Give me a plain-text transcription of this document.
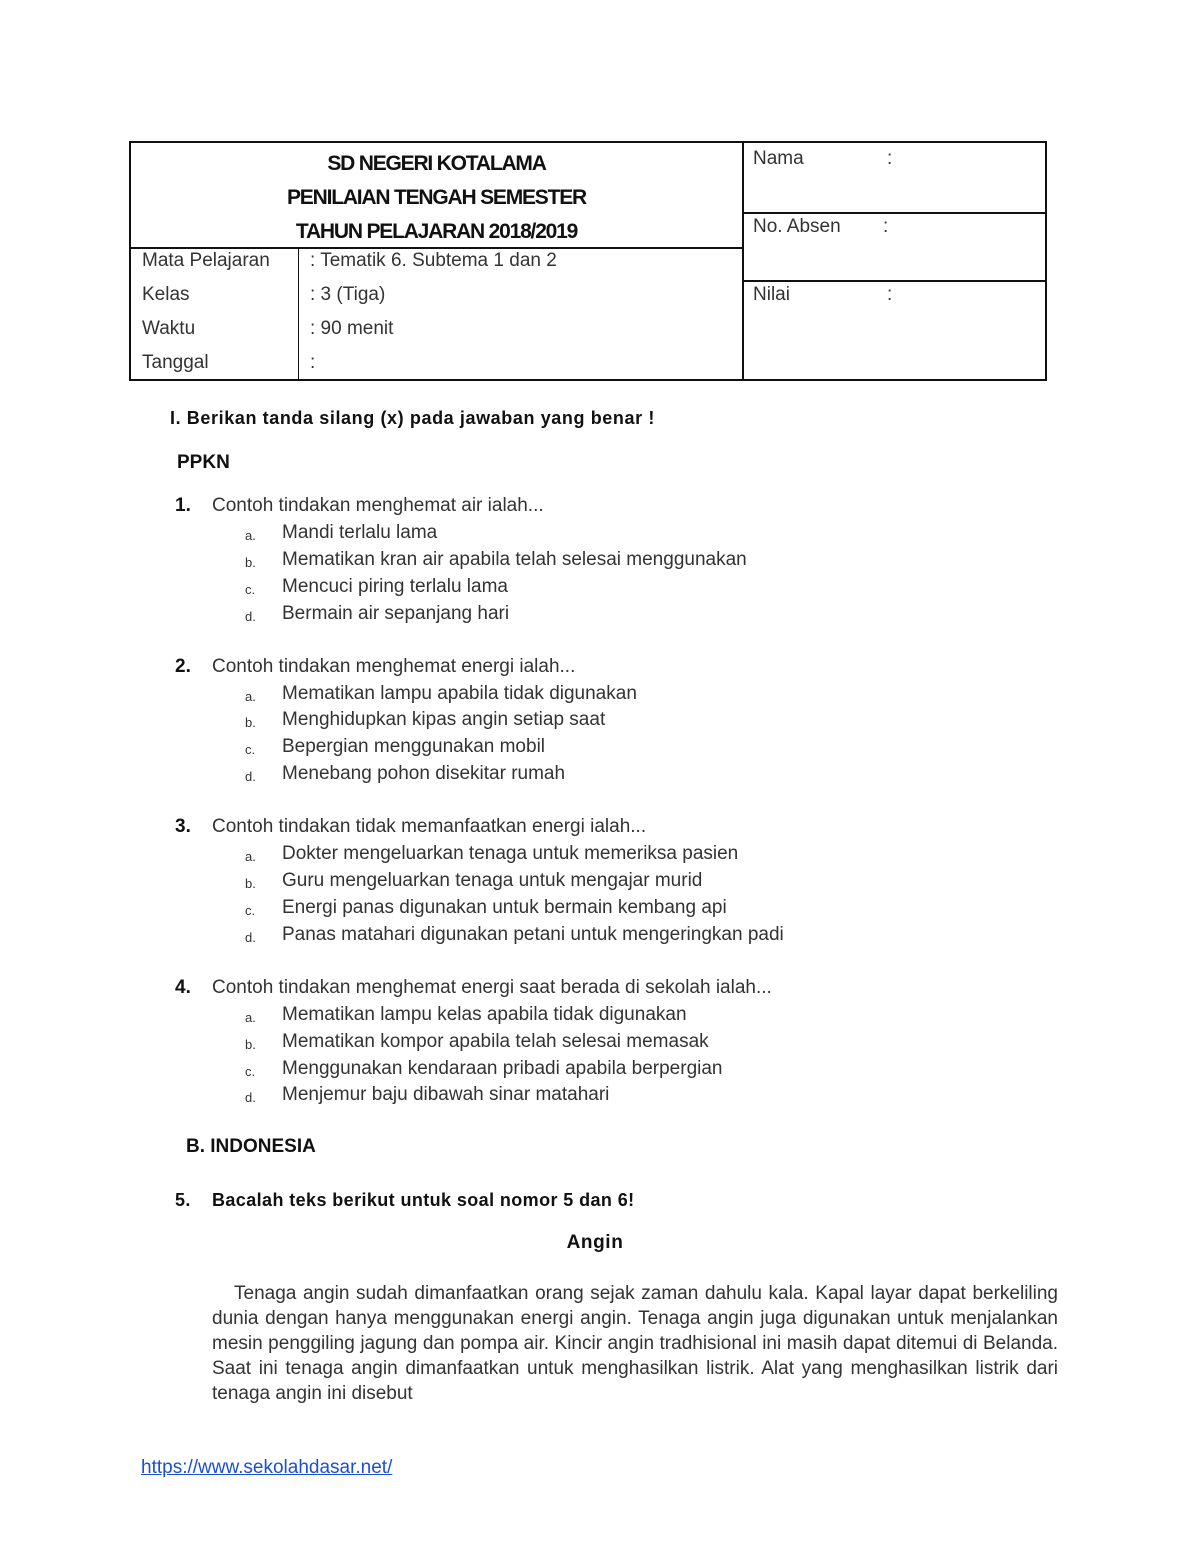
SD NEGERI KOTALAMA
PENILAIAN TENGAH SEMESTER
TAHUN PELAJARAN 2018/2019
Mata Pelajaran : Tematik 6. Subtema 1 dan 2
Kelas	: 3 (Tiga)
Waktu	: 90 menit
Tanggal	:
Nama	:
No. Absen :
Nilai	:
I. Berikan tanda silang (x) pada jawaban yang benar !
PPKN
1. Contoh tindakan menghemat air ialah...
a. Mandi terlalu lama
b. Mematikan kran air apabila telah selesai menggunakan
c. Mencuci piring terlalu lama
d. Bermain air sepanjang hari
2. Contoh tindakan menghemat energi ialah...
a. Mematikan lampu apabila tidak digunakan
b. Menghidupkan kipas angin setiap saat
c. Bepergian menggunakan mobil
d. Menebang pohon disekitar rumah
3. Contoh tindakan tidak memanfaatkan energi ialah...
a. Dokter mengeluarkan tenaga untuk memeriksa pasien
b. Guru mengeluarkan tenaga untuk mengajar murid
c. Energi panas digunakan untuk bermain kembang api
d. Panas matahari digunakan petani untuk mengeringkan padi
4. Contoh tindakan menghemat energi saat berada di sekolah ialah...
a. Mematikan lampu kelas apabila tidak digunakan
b. Mematikan kompor apabila telah selesai memasak
c. Menggunakan kendaraan pribadi apabila berpergian
d. Menjemur baju dibawah sinar matahari
B. INDONESIA
5. Bacalah teks berikut untuk soal nomor 5 dan 6!
Angin
Tenaga angin sudah dimanfaatkan orang sejak zaman dahulu kala. Kapal layar dapat berkeliling dunia dengan hanya menggunakan energi angin. Tenaga angin juga digunakan untuk menjalankan mesin penggiling jagung dan pompa air. Kincir angin tradhisional ini masih dapat ditemui di Belanda. Saat ini tenaga angin dimanfaatkan untuk menghasilkan listrik. Alat yang menghasilkan listrik dari tenaga angin ini disebut
https://www.sekolahdasar.net/
